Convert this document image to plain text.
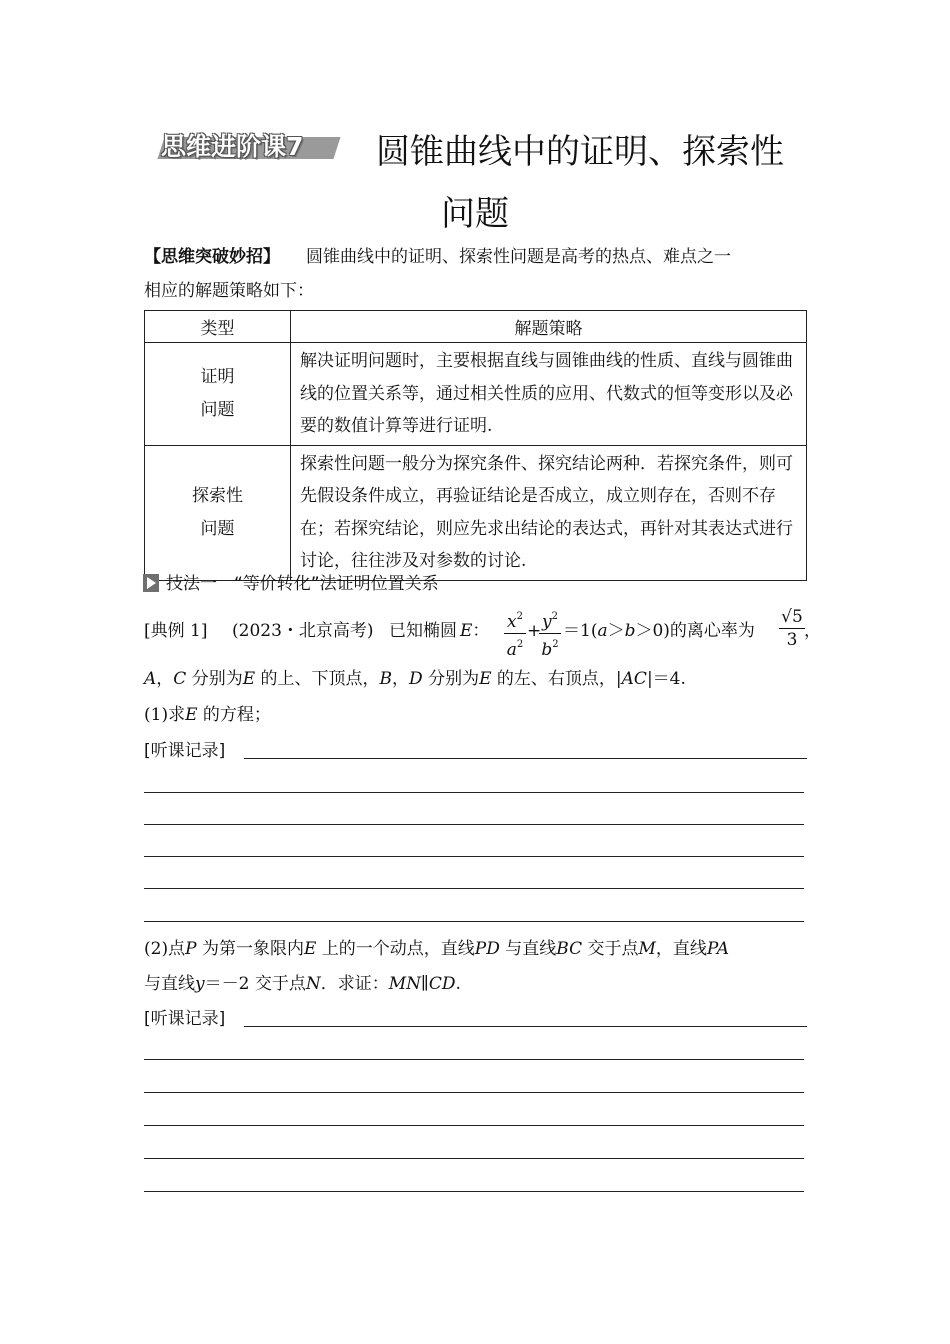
思维进阶课7 圆锥曲线中的证明、探索性
问题
【思维突破妙招】 圆锥曲线中的证明、探索性问题是高考的热点、难点之一
相应的解题策略如下：
类型	解题策略

证明
问题	解决证明问题时，主要根据直线与圆锥曲线的性质、直线与圆锥曲线的位置关系等，通过相关性质的应用、代数式的恒等变形以及必要的数值计算等进行证明.

探索性
问题	探索性问题一般分为探究条件、探究结论两种．若探究条件，则可先假设条件成立，再验证结论是否成立，成立则存在，否则不存在；若探究结论，则应先求出结论的表达式，再针对其表达式进行讨论，往往涉及对参数的讨论.
技法一　“等价转化”法证明位置关系
[典例 1] (2023・北京高考) 已知椭圆 E： $x^2$
$a^2$
+ $y^2$
$b^2$
＝1(a＞b＞0)的离心率为
√5
3 ，
A，C 分别为E 的上、下顶点，B，D 分别为E 的左、右顶点，|AC|＝4.
(1)求E 的方程；
[听课记录]
(2)点P 为第一象限内E 上的一个动点，直线PD 与直线BC 交于点M，直线PA
与直线y＝－2 交于点N．求证：MN∥CD.
[听课记录]
